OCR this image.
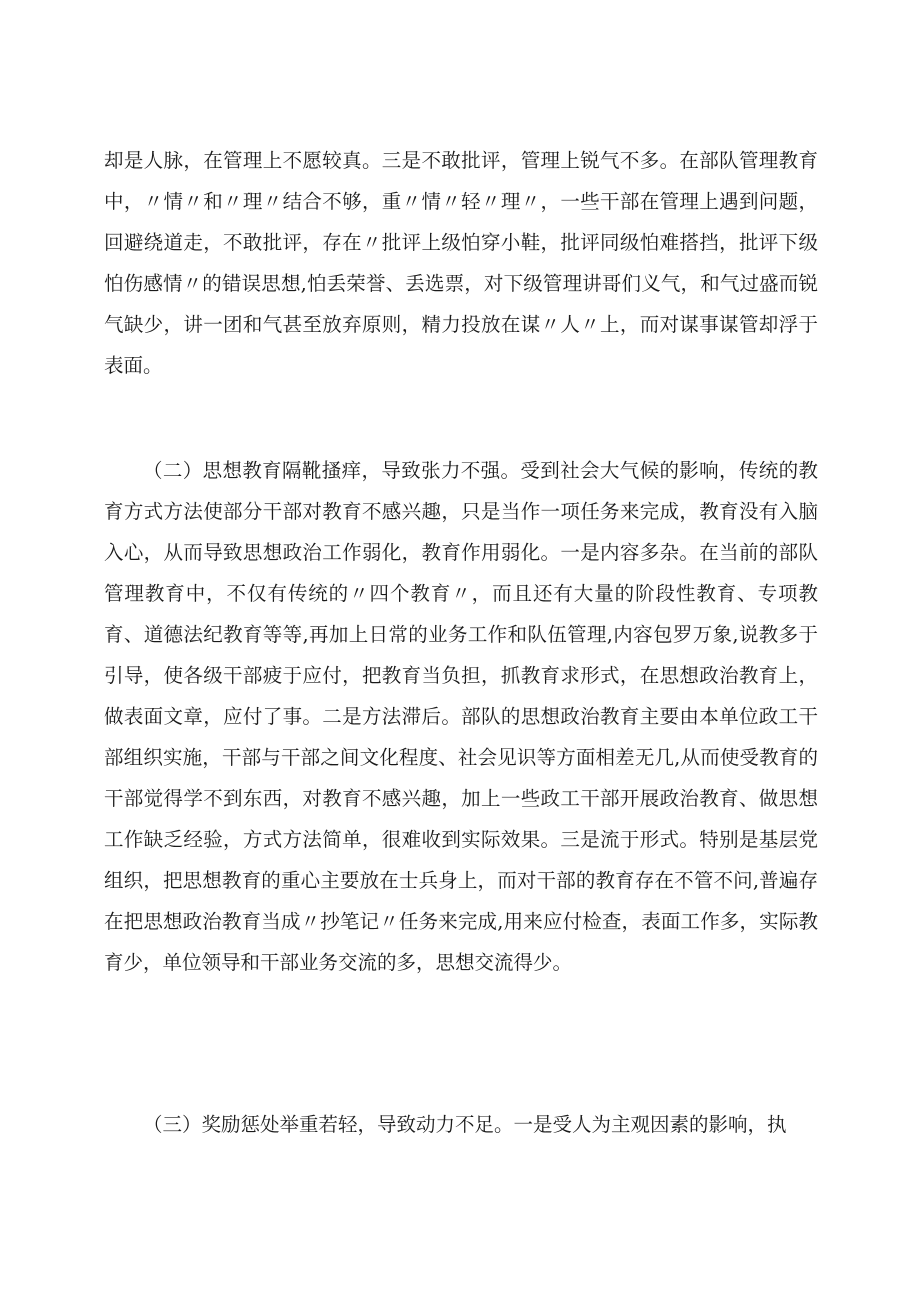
却是人脉，在管理上不愿较真。三是不敢批评，管理上锐气不多。在部队管理教育中，〃情〃和〃理〃结合不够，重〃情〃轻〃理〃，一些干部在管理上遇到问题，回避绕道走，不敢批评，存在〃批评上级怕穿小鞋，批评同级怕难搭挡，批评下级怕伤感情〃的错误思想,怕丢荣誉、丢选票，对下级管理讲哥们义气，和气过盛而锐气缺少，讲一团和气甚至放弃原则，精力投放在谋〃人〃上，而对谋事谋管却浮于表面。

（二）思想教育隔靴搔痒，导致张力不强。受到社会大气候的影响，传统的教育方式方法使部分干部对教育不感兴趣，只是当作一项任务来完成，教育没有入脑入心，从而导致思想政治工作弱化，教育作用弱化。一是内容多杂。在当前的部队管理教育中，不仅有传统的〃四个教育〃，而且还有大量的阶段性教育、专项教育、道德法纪教育等等,再加上日常的业务工作和队伍管理,内容包罗万象,说教多于引导，使各级干部疲于应付，把教育当负担，抓教育求形式，在思想政治教育上，做表面文章，应付了事。二是方法滞后。部队的思想政治教育主要由本单位政工干部组织实施，干部与干部之间文化程度、社会见识等方面相差无几,从而使受教育的干部觉得学不到东西，对教育不感兴趣，加上一些政工干部开展政治教育、做思想工作缺乏经验，方式方法简单，很难收到实际效果。三是流于形式。特别是基层党组织，把思想教育的重心主要放在士兵身上，而对干部的教育存在不管不问,普遍存在把思想政治教育当成〃抄笔记〃任务来完成,用来应付检查，表面工作多，实际教育少，单位领导和干部业务交流的多，思想交流得少。

（三）奖励惩处举重若轻，导致动力不足。一是受人为主观因素的影响，执
